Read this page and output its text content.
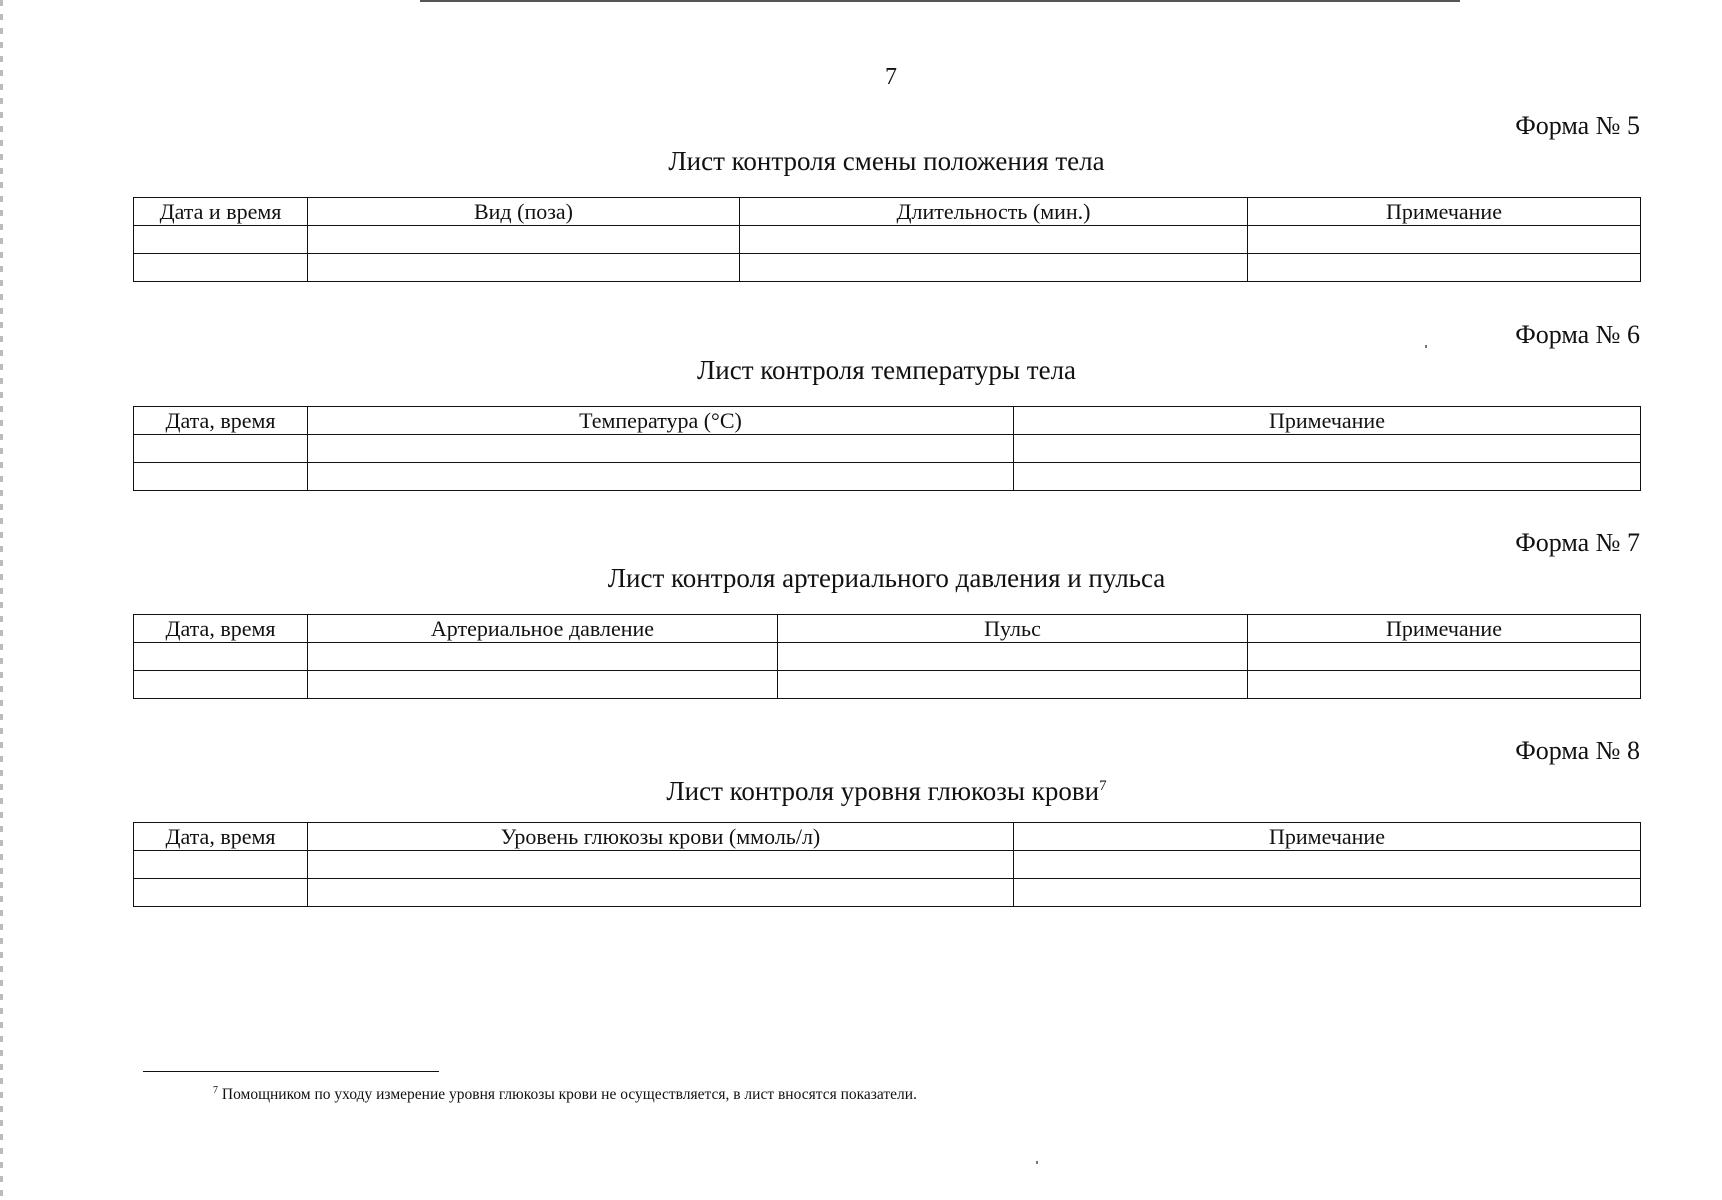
7
Форма № 5
Лист контроля смены положения тела
Дата и время	Вид (поза)	Длительность (мин.)	Примечание

Форма № 6
Лист контроля температуры тела
Дата, время	Температура (°С)	Примечание

Форма № 7
Лист контроля артериального давления и пульса
Дата, время	Артериальное давление	Пульс	Примечание

Форма № 8
Лист контроля уровня глюкозы крови$^7$
Дата, время	Уровень глюкозы крови (ммоль/л)	Примечание

$^7$ Помощником по уходу измерение уровня глюкозы крови не осуществляется, в лист вносятся показатели.
